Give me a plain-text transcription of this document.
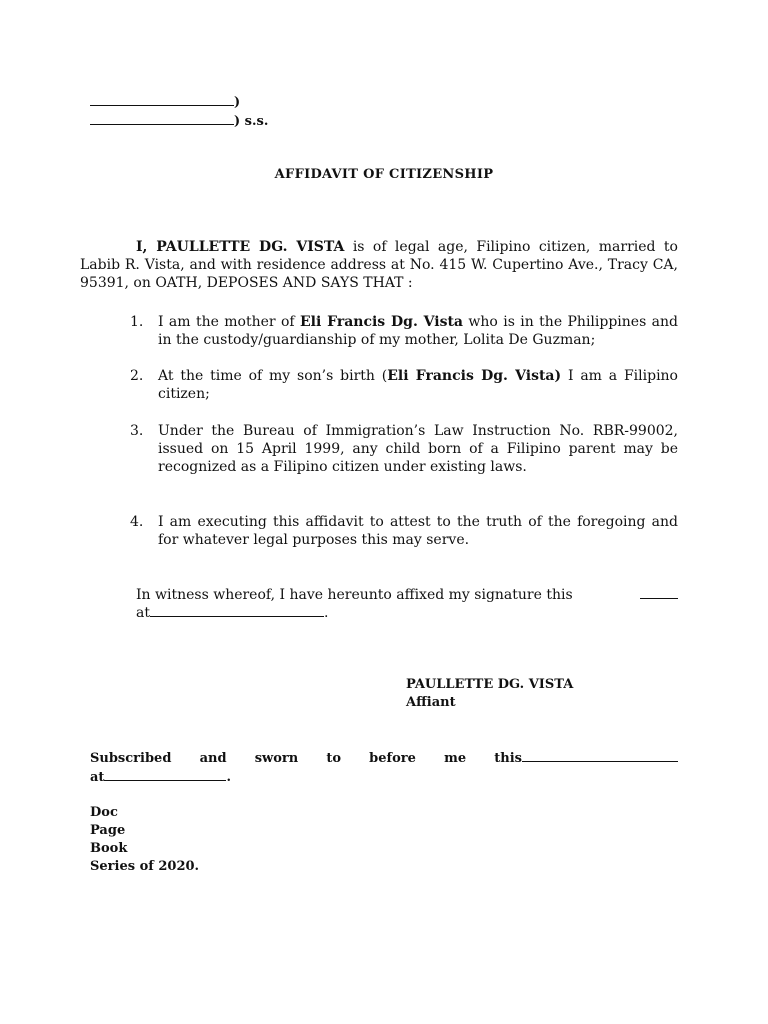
)
) s.s.
AFFIDAVIT OF CITIZENSHIP
I, PAULLETTE DG. VISTA is of legal age, Filipino citizen, married to Labib R. Vista, and with residence address at No. 415 W. Cupertino Ave., Tracy CA, 95391, on OATH, DEPOSES AND SAYS THAT :
1.	I am the mother of Eli Francis Dg. Vista who is in the Philippines and in the custody/guardianship of my mother, Lolita De Guzman;
2.	At the time of my son’s birth (Eli Francis Dg. Vista) I am a Filipino citizen;
3.	Under the Bureau of Immigration’s Law Instruction No. RBR-99002, issued on 15 April 1999, any child born of a Filipino parent may be recognized as a Filipino citizen under existing laws.
4.	I am executing this affidavit to attest to the truth of the foregoing and for whatever legal purposes this may serve.
In witness whereof, I have hereunto affixed my signature this
at	.
PAULLETTE DG. VISTA
Affiant
Subscribed and sworn to before me this
at	.
Doc
Page
Book
Series of 2020.
